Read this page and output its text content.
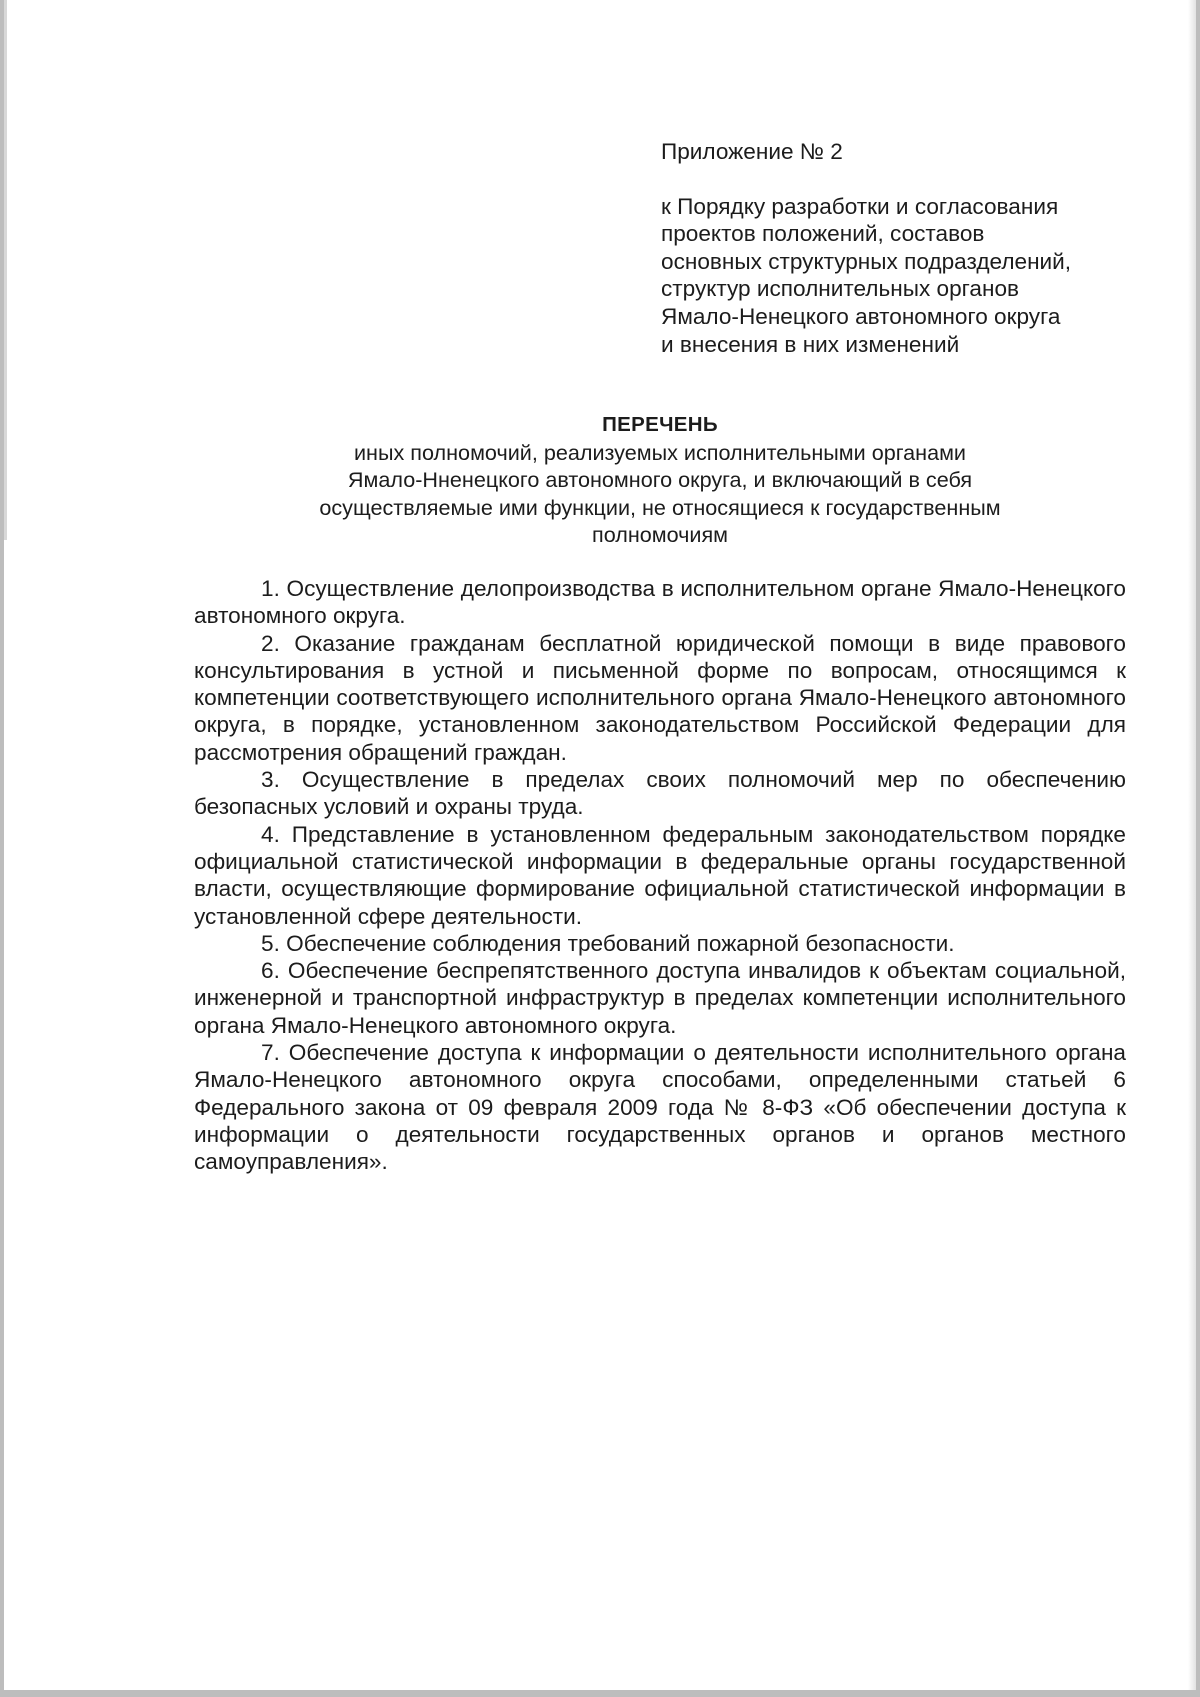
Приложение № 2
к Порядку разработки и согласования
проектов положений, составов
основных структурных подразделений,
структур исполнительных органов
Ямало-Ненецкого автономного округа
и внесения в них изменений
ПЕРЕЧЕНЬ
иных полномочий, реализуемых исполнительными органами
Ямало-Нненецкого автономного округа, и включающий в себя
осуществляемые ими функции, не относящиеся к государственным
полномочиям

1. Осуществление делопроизводства в исполнительном органе Ямало-Ненецкого автономного округа.

2. Оказание гражданам бесплатной юридической помощи в виде правового консультирования в устной и письменной форме по вопросам, относящимся к компетенции соответствующего исполнительного органа Ямало-Ненецкого автономного округа, в порядке, установленном законодательством Российской Федерации для рассмотрения обращений граждан.

3. Осуществление в пределах своих полномочий мер по обеспечению безопасных условий и охраны труда.

4. Представление в установленном федеральным законодательством порядке официальной статистической информации в федеральные органы государственной власти, осуществляющие формирование официальной статистической информации в установленной сфере деятельности.

5. Обеспечение соблюдения требований пожарной безопасности.

6. Обеспечение беспрепятственного доступа инвалидов к объектам социальной, инженерной и транспортной инфраструктур в пределах компетенции исполнительного органа Ямало-Ненецкого автономного округа.

7. Обеспечение доступа к информации о деятельности исполнительного органа Ямало-Ненецкого автономного округа способами, определенными статьей 6 Федерального закона от 09 февраля 2009 года № 8-ФЗ «Об обеспечении доступа к информации о деятельности государственных органов и органов местного самоуправления».
